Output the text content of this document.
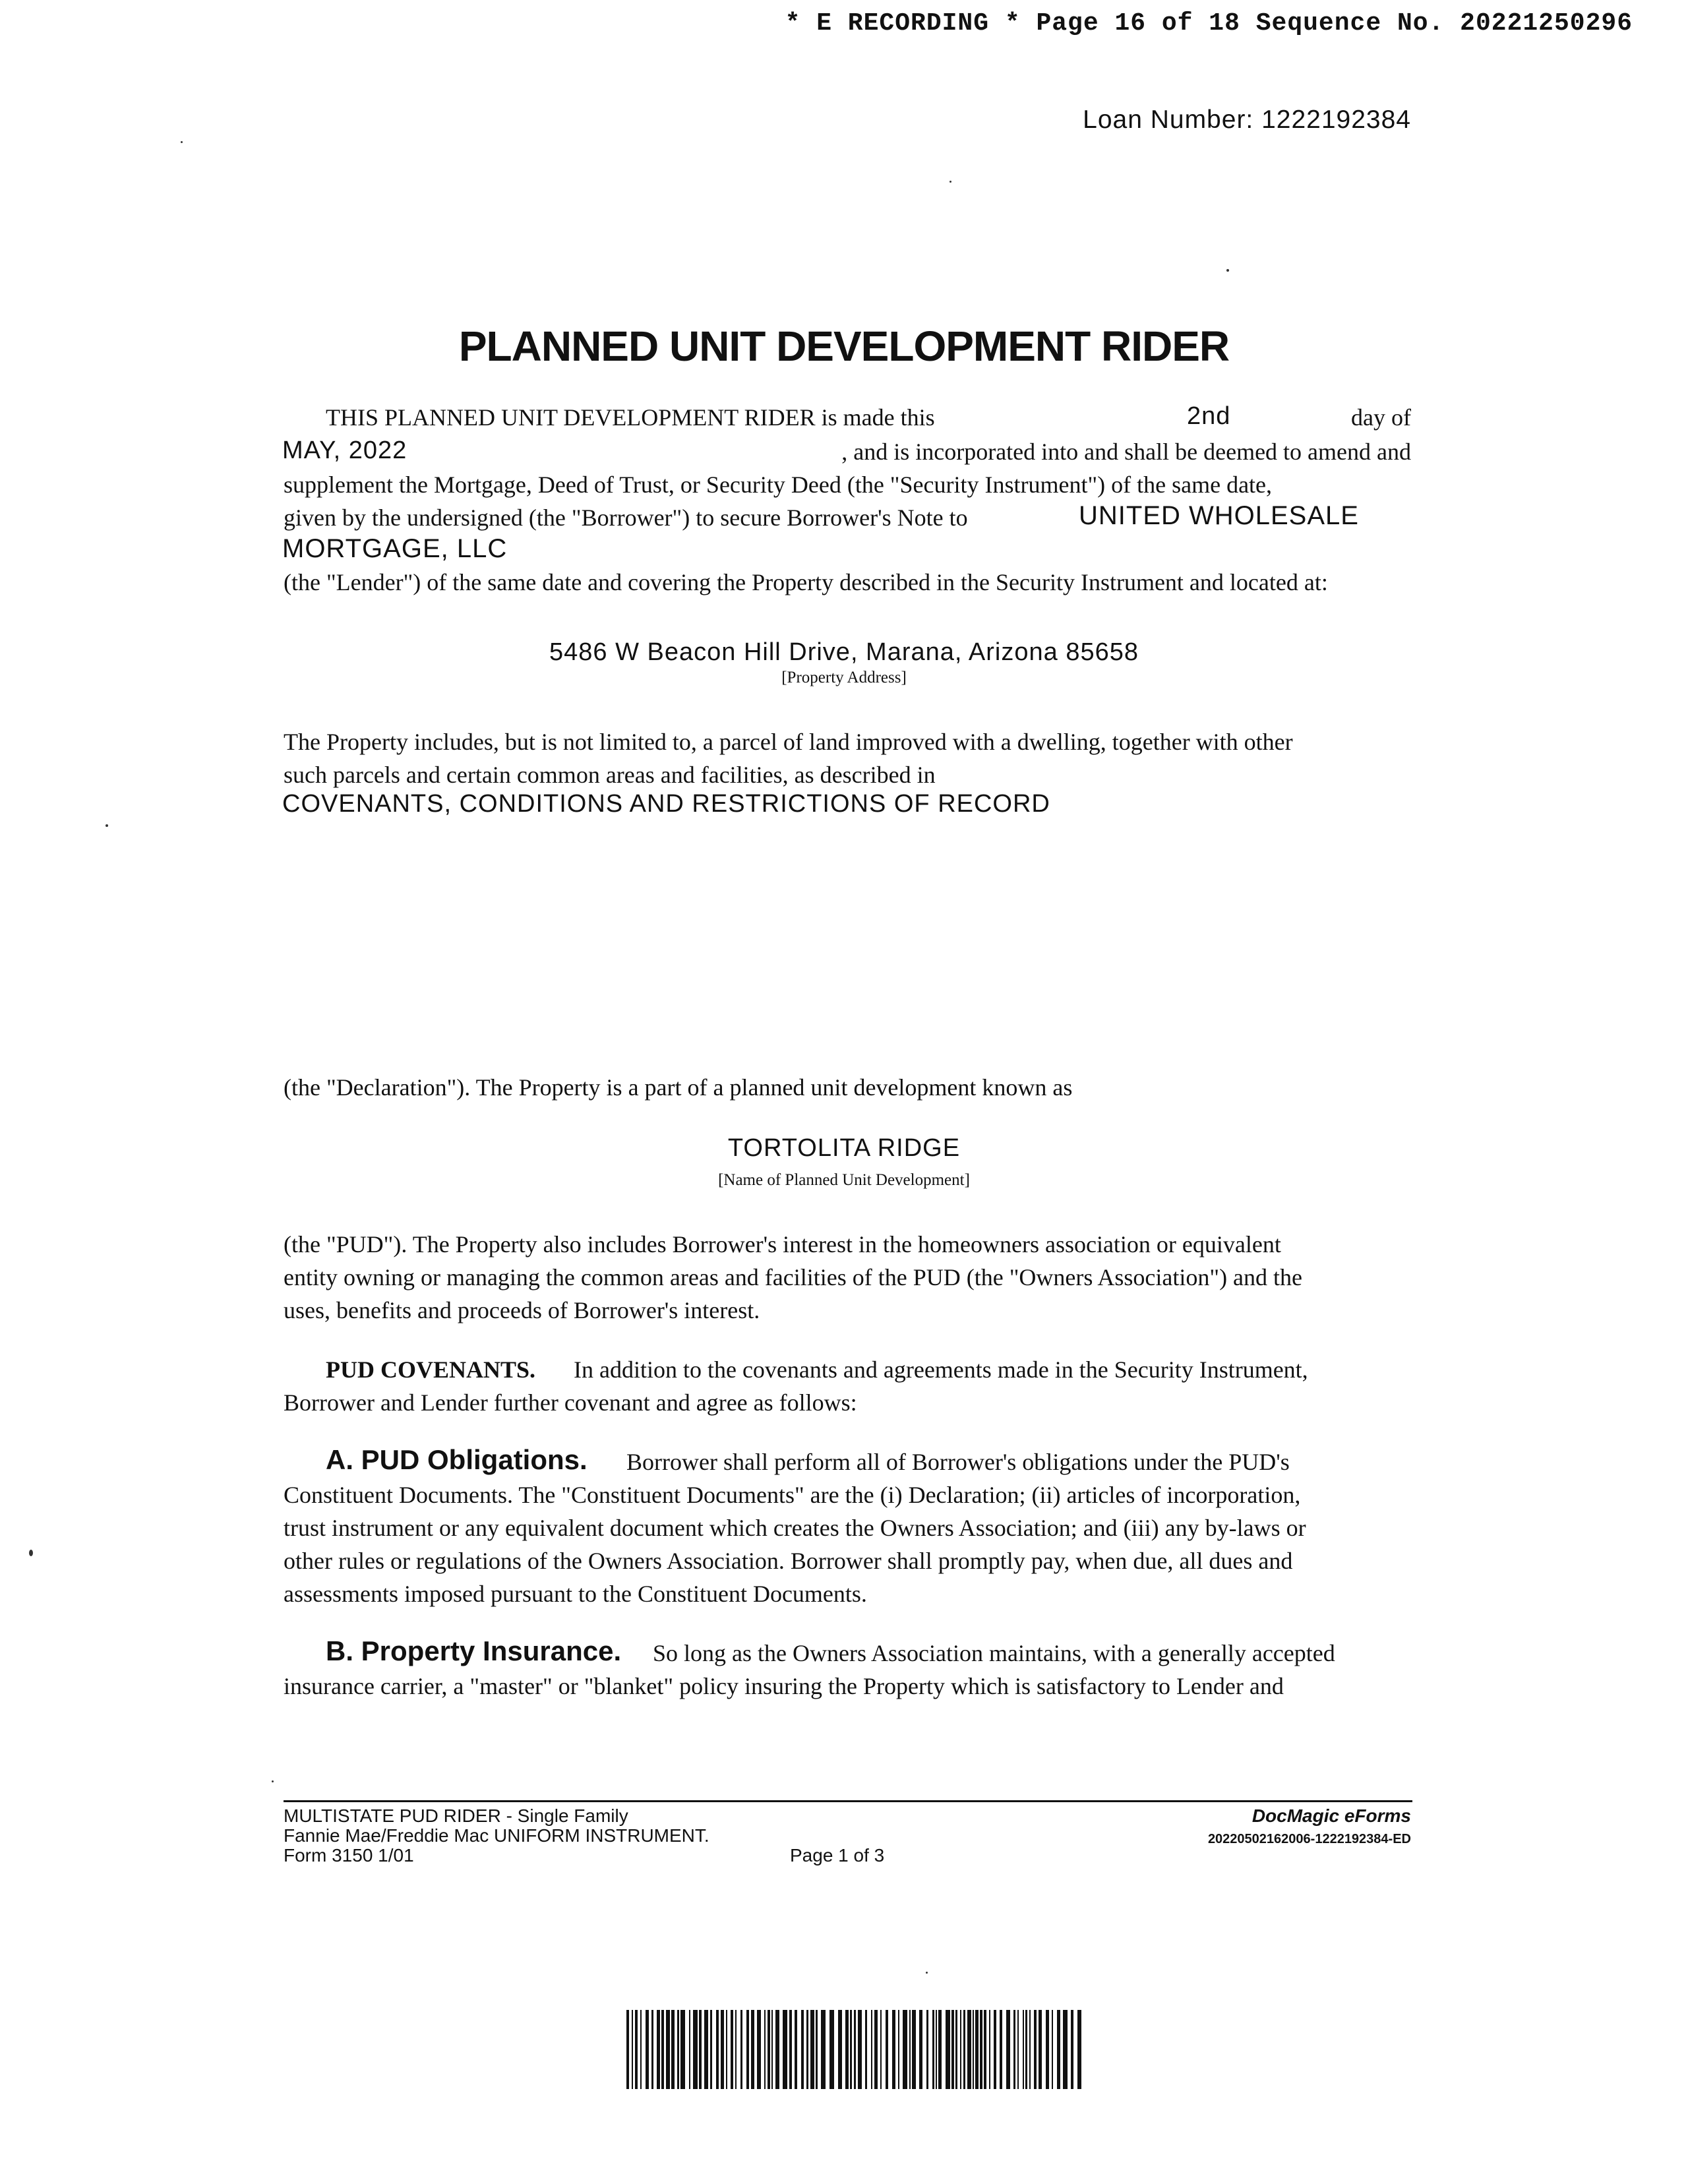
* E RECORDING * Page 16 of 18 Sequence No. 20221250296
Loan Number: 1222192384
PLANNED UNIT DEVELOPMENT RIDER
THIS PLANNED UNIT DEVELOPMENT RIDER is made this	2nd	day of
MAY, 2022	, and is incorporated into and shall be deemed to amend and
supplement the Mortgage, Deed of Trust, or Security Deed (the "Security Instrument") of the same date,
given by the undersigned (the "Borrower") to secure Borrower's Note to	UNITED WHOLESALE
MORTGAGE, LLC
(the "Lender") of the same date and covering the Property described in the Security Instrument and located at:
5486 W Beacon Hill Drive, Marana, Arizona 85658
[Property Address]
The Property includes, but is not limited to, a parcel of land improved with a dwelling, together with other
such parcels and certain common areas and facilities, as described in
COVENANTS, CONDITIONS AND RESTRICTIONS OF RECORD
(the "Declaration"). The Property is a part of a planned unit development known as
TORTOLITA RIDGE
[Name of Planned Unit Development]
(the "PUD"). The Property also includes Borrower's interest in the homeowners association or equivalent
entity owning or managing the common areas and facilities of the PUD (the "Owners Association") and the
uses, benefits and proceeds of Borrower's interest.
PUD COVENANTS. In addition to the covenants and agreements made in the Security Instrument,
Borrower and Lender further covenant and agree as follows:
A. PUD Obligations. Borrower shall perform all of Borrower's obligations under the PUD's
Constituent Documents. The "Constituent Documents" are the (i) Declaration; (ii) articles of incorporation,
trust instrument or any equivalent document which creates the Owners Association; and (iii) any by-laws or
other rules or regulations of the Owners Association. Borrower shall promptly pay, when due, all dues and
assessments imposed pursuant to the Constituent Documents.
B. Property Insurance. So long as the Owners Association maintains, with a generally accepted
insurance carrier, a "master" or "blanket" policy insuring the Property which is satisfactory to Lender and
MULTISTATE PUD RIDER - Single Family
Fannie Mae/Freddie Mac UNIFORM INSTRUMENT.
Form 3150 1/01	Page 1 of 3
DocMagic eForms
20220502162006-1222192384-ED
